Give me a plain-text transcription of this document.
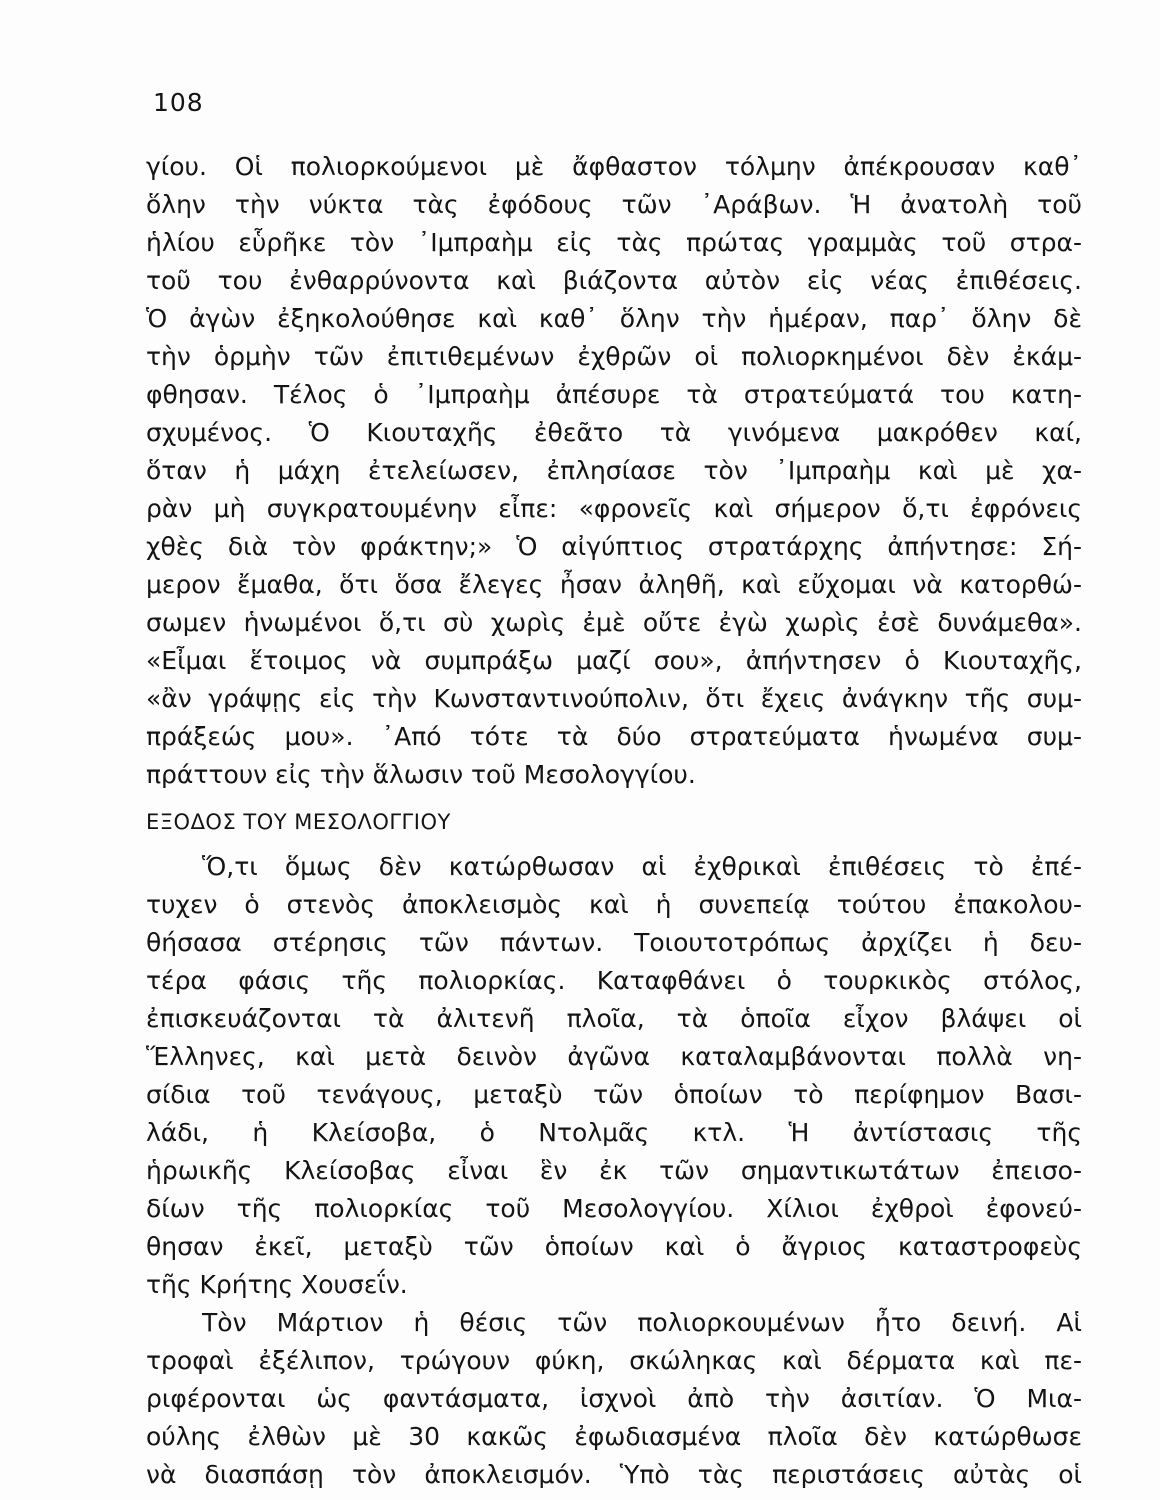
108
γίου. Οἱ πολιορκούμενοι μὲ ἄφθαστον τόλμην ἀπέκρουσαν καθ᾽
ὅλην τὴν νύκτα τὰς ἐφόδους τῶν ᾽Αράβων. Ἡ ἀνατολὴ τοῦ
ἡλίου εὗρῆκε τὸν ᾽Ιμπραὴμ εἰς τὰς πρώτας γραμμὰς τοῦ στρα-
τοῦ του ἐνθαρρύνοντα καὶ βιάζοντα αὐτὸν εἰς νέας ἐπιθέσεις.
Ὁ ἀγὼν ἐξηκολούθησε καὶ καθ᾽ ὅλην τὴν ἡμέραν, παρ᾽ ὅλην δὲ
τὴν ὁρμὴν τῶν ἐπιτιθεμένων ἐχθρῶν οἱ πολιορκημένοι δὲν ἐκάμ-
φθησαν. Τέλος ὁ ᾽Ιμπραὴμ ἀπέσυρε τὰ στρατεύματά του κατη-
σχυμένος. Ὁ Κιουταχῆς ἐθεᾶτο τὰ γινόμενα μακρόθεν καί,
ὅταν ἡ μάχη ἐτελείωσεν, ἐπλησίασε τὸν ᾽Ιμπραὴμ καὶ μὲ χα-
ρὰν μὴ συγκρατουμένην εἶπε: «φρονεῖς καὶ σήμερον ὅ,τι ἐφρόνεις
χθὲς διὰ τὸν φράκτην;» Ὁ αἰγύπτιος στρατάρχης ἀπήντησε: Σή-
μερον ἔμαθα, ὅτι ὅσα ἔλεγες ἦσαν ἀληθῆ, καὶ εὔχομαι νὰ κατορθώ-
σωμεν ἡνωμένοι ὅ,τι σὺ χωρὶς ἐμὲ οὔτε ἐγὼ χωρὶς ἐσὲ δυνάμεθα».
«Εἶμαι ἕτοιμος νὰ συμπράξω μαζί σου», ἀπήντησεν ὁ Κιουταχῆς,
«ἂν γράψῃς εἰς τὴν Κωνσταντινούπολιν, ὅτι ἔχεις ἀνάγκην τῆς συμ-
πράξεώς μου». ᾽Από τότε τὰ δύο στρατεύματα ἡνωμένα συμ-
πράττουν εἰς τὴν ἅλωσιν τοῦ Μεσολογγίου.
ΕΞΟΔΟΣ ΤΟΥ ΜΕΣΟΛΟΓΓΙΟΥ
Ὅ,τι ὅμως δὲν κατώρθωσαν αἱ ἐχθρικαὶ ἐπιθέσεις τὸ ἐπέ-
τυχεν ὁ στενὸς ἀποκλεισμὸς καὶ ἡ συνεπείᾳ τούτου ἐπακολου-
θήσασα στέρησις τῶν πάντων. Τοιουτοτρόπως ἀρχίζει ἡ δευ-
τέρα φάσις τῆς πολιορκίας. Καταφθάνει ὁ τουρκικὸς στόλος,
ἐπισκευάζονται τὰ ἀλιτενῆ πλοῖα, τὰ ὁποῖα εἶχον βλάψει οἱ
Ἕλληνες, καὶ μετὰ δεινὸν ἀγῶνα καταλαμβάνονται πολλὰ νη-
σίδια τοῦ τενάγους, μεταξὺ τῶν ὁποίων τὸ περίφημον Βασι-
λάδι, ἡ Κλείσοβα, ὁ Ντολμᾶς κτλ. Ἡ ἀντίστασις τῆς
ἡρωικῆς Κλείσοβας εἶναι ἓν ἐκ τῶν σημαντικωτάτων ἐπεισο-
δίων τῆς πολιορκίας τοῦ Μεσολογγίου. Χίλιοι ἐχθροὶ ἐφονεύ-
θησαν ἐκεῖ, μεταξὺ τῶν ὁποίων καὶ ὁ ἄγριος καταστροφεὺς
τῆς Κρήτης Χουσεΐν.
Τὸν Μάρτιον ἡ θέσις τῶν πολιορκουμένων ἦτο δεινή. Αἱ
τροφαὶ ἐξέλιπον, τρώγουν φύκη, σκώληκας καὶ δέρματα καὶ πε-
ριφέρονται ὡς φαντάσματα, ἰσχνοὶ ἀπὸ τὴν ἀσιτίαν. Ὁ Μια-
ούλης ἐλθὼν μὲ 30 κακῶς ἐφωδιασμένα πλοῖα δὲν κατώρθωσε
νὰ διασπάσῃ τὸν ἀποκλεισμόν. Ὑπὸ τὰς περιστάσεις αὐτὰς οἱ
